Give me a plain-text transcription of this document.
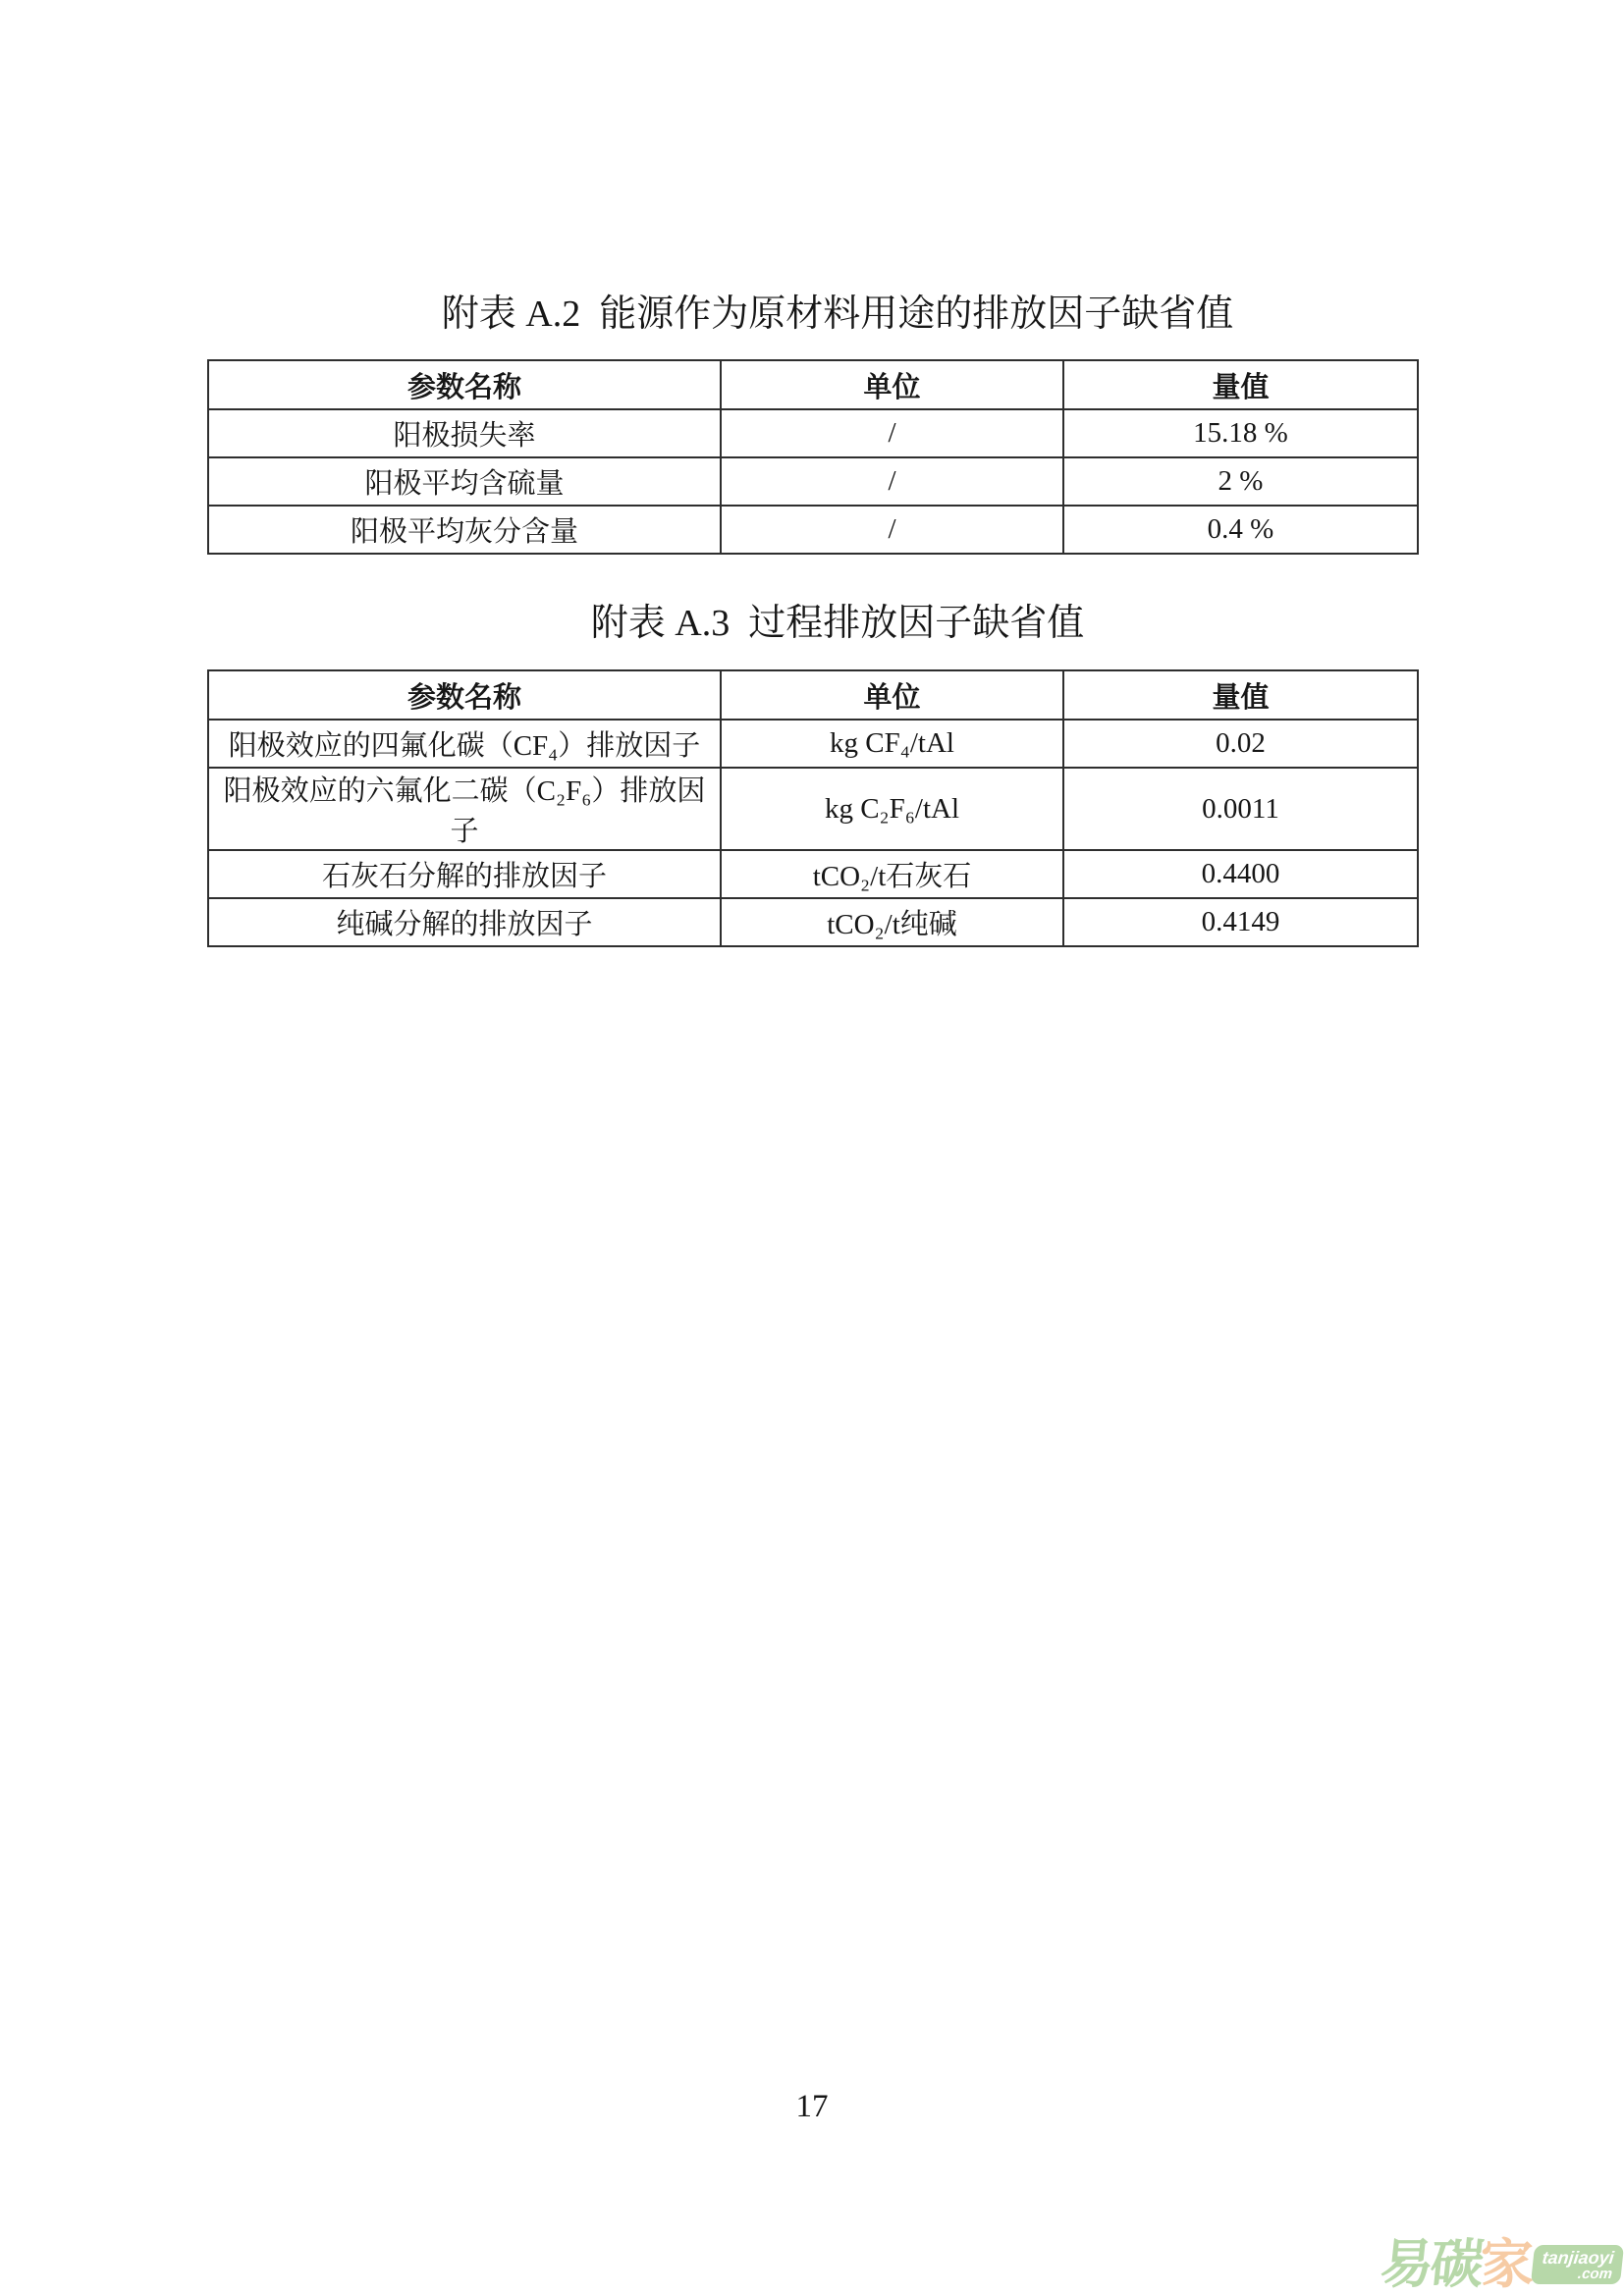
附表 A.2  能源作为原材料用途的排放因子缺省值
参数名称	单位	量值
阳极损失率	/	15.18 %
阳极平均含硫量	/	2 %
阳极平均灰分含量	/	0.4 %
附表 A.3  过程排放因子缺省值
参数名称	单位	量值
阳极效应的四氟化碳（CF₄）排放因子	kg CF₄/tAl	0.02
阳极效应的六氟化二碳（C₂F₆）排放因子	kg C₂F₆/tAl	0.0011
石灰石分解的排放因子	tCO₂/t石灰石	0.4400
纯碱分解的排放因子	tCO₂/t纯碱	0.4149
17
易碳
家 tanjiaoyi
.com
